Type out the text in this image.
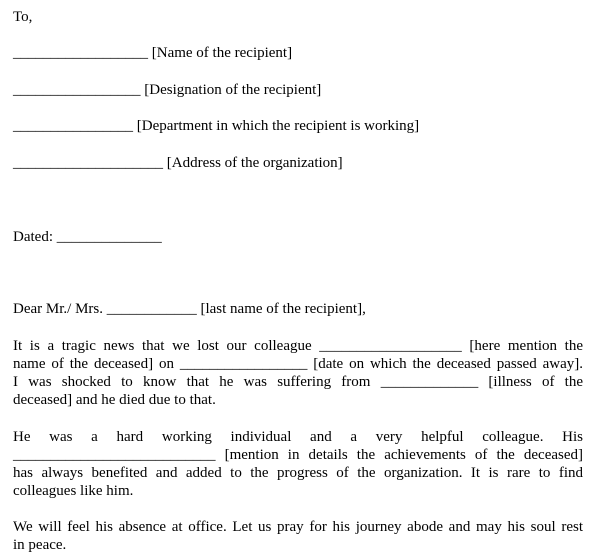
To,
__________________ [Name of the recipient]
_________________ [Designation of the recipient]
________________ [Department in which the recipient is working]
____________________ [Address of the organization]
Dated: ______________
Dear Mr./ Mrs. ____________ [last name of the recipient],
It is a tragic news that we lost our colleague ___________________ [here mention the
name of the deceased] on _________________ [date on which the deceased passed away].
I was shocked to know that he was suffering from _____________ [illness of the
deceased] and he died due to that.
He was a hard working individual and a very helpful colleague. His
___________________________ [mention in details the achievements of the deceased]
has always benefited and added to the progress of the organization. It is rare to find
colleagues like him.
We will feel his absence at office. Let us pray for his journey abode and may his soul rest
in peace.
